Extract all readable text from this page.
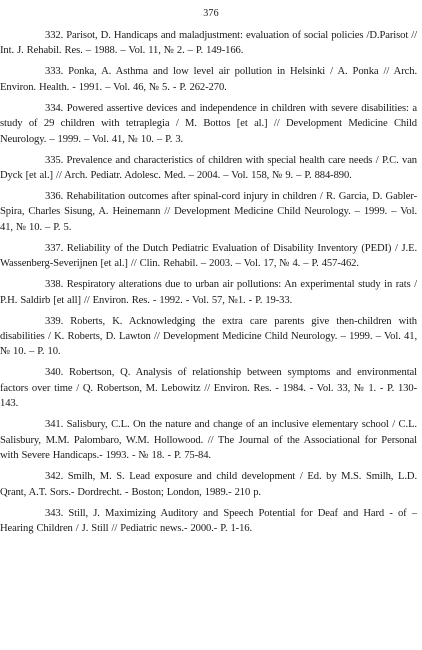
376

332. Parisot, D. Handicaps and maladjustment: evaluation of social policies /D.Parisot // Int. J. Rehabil. Res. – 1988. – Vol. 11, № 2. – P. 149-166.

333. Ponka, A. Asthma and low level air pollution in Helsinki / A. Ponka // Arch. Environ. Health. - 1991. – Vol. 46, № 5. - P. 262-270.

334. Powered assertive devices and independence in children with severe disabilities: a study of 29 children with tetraplegia / M. Bottos [et al.] // Development Medicine Child Neurology. – 1999. – Vol. 41, № 10. – P. 3.

335. Prevalence and characteristics of children with special health care needs / P.C. van Dyck [et al.] // Arch. Pediatr. Adolesc. Med. – 2004. – Vol. 158, № 9. – P. 884-890.

336. Rehabilitation outcomes after spinal-cord injury in children / R. Garcia, D. Gabler- Spira, Charles Sisung, A. Heinemann // Development Medicine Child Neurology. – 1999. – Vol. 41, № 10. – P. 5.

337. Reliability of the Dutch Pediatric Evaluation of Disability Inventory (PEDI) / J.E. Wassenberg-Severijnen [et al.] // Clin. Rehabil. – 2003. – Vol. 17, № 4. – P. 457-462.

338. Respiratory alterations due to urban air pollutions: An experimental study in rats / P.H. Saldirb [et all] // Environ. Res. - 1992. - Vol. 57, №1. - P. 19-33.

339. Roberts, K. Acknowledging the extra care parents give then-children with disabilities / K. Roberts, D. Lawton // Development Medicine Child Neurology. – 1999. – Vol. 41, № 10. – P. 10.

340. Robertson, Q. Analysis of relationship between symptoms and environmental factors over time / Q. Robertson, M. Lebowitz // Environ. Res. - 1984. - Vol. 33, № 1. - P. 130-143.

341. Salisbury, C.L. On the nature and change of an inclusive elementary school / C.L. Salisbury, M.M. Palombaro, W.M. Hollowood. // The Journal of the Associational for Personal with Severe Handicaps.- 1993. - № 18. - P. 75-84.

342. Smilh, M. S. Lead exposure and child development / Ed. by M.S. Smilh, L.D. Qrant, A.T. Sors.- Dordrecht. - Boston; London, 1989.- 210 p.

343. Still, J. Maximizing Auditory and Speech Potential for Deaf and Hard - of – Hearing Children / J. Still // Pediatric news.- 2000.- P. 1-16.
